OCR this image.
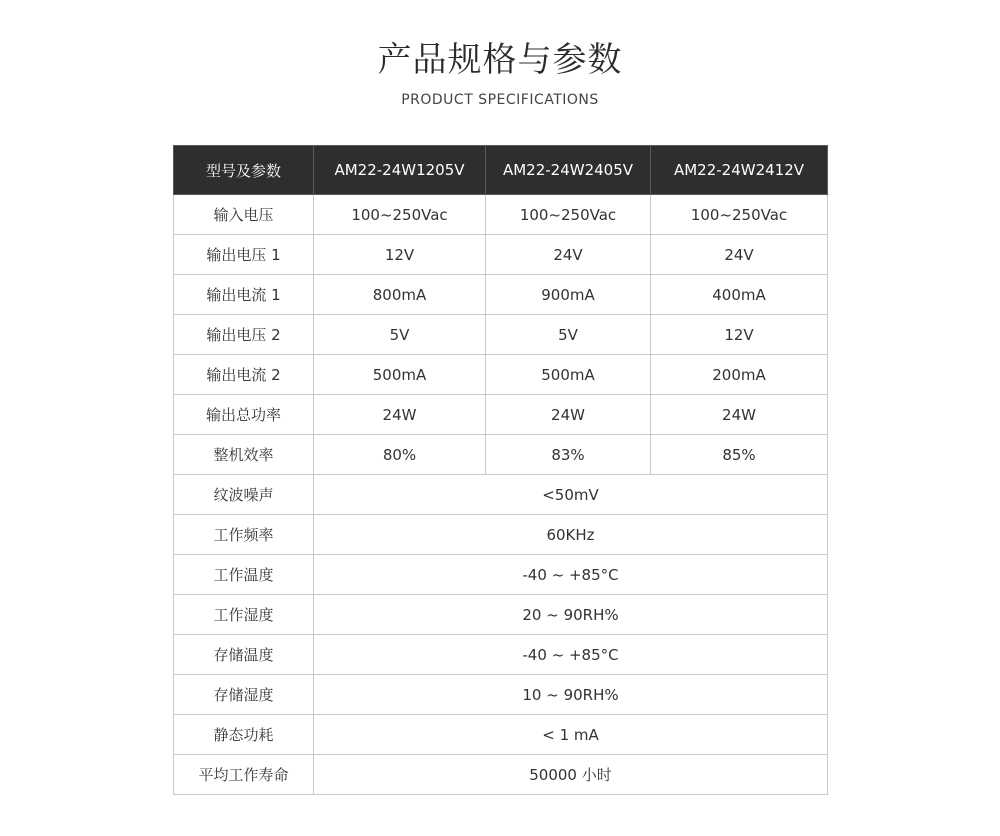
产品规格与参数
PRODUCT SPECIFICATIONS
型号及参数	AM22-24W1205V	AM22-24W2405V	AM22-24W2412V
输入电压	100~250Vac	100~250Vac	100~250Vac
输出电压 1	12V	24V	24V
输出电流 1	800mA	900mA	400mA
输出电压 2	5V	5V	12V
输出电流 2	500mA	500mA	200mA
输出总功率	24W	24W	24W
整机效率	80%	83%	85%
纹波噪声	<50mV		
工作频率	60KHz		
工作温度	-40 ~ +85°C		
工作湿度	20 ~ 90RH%		
存储温度	-40 ~ +85°C		
存储湿度	10 ~ 90RH%		
静态功耗	< 1 mA		
平均工作寿命	50000 小时		
